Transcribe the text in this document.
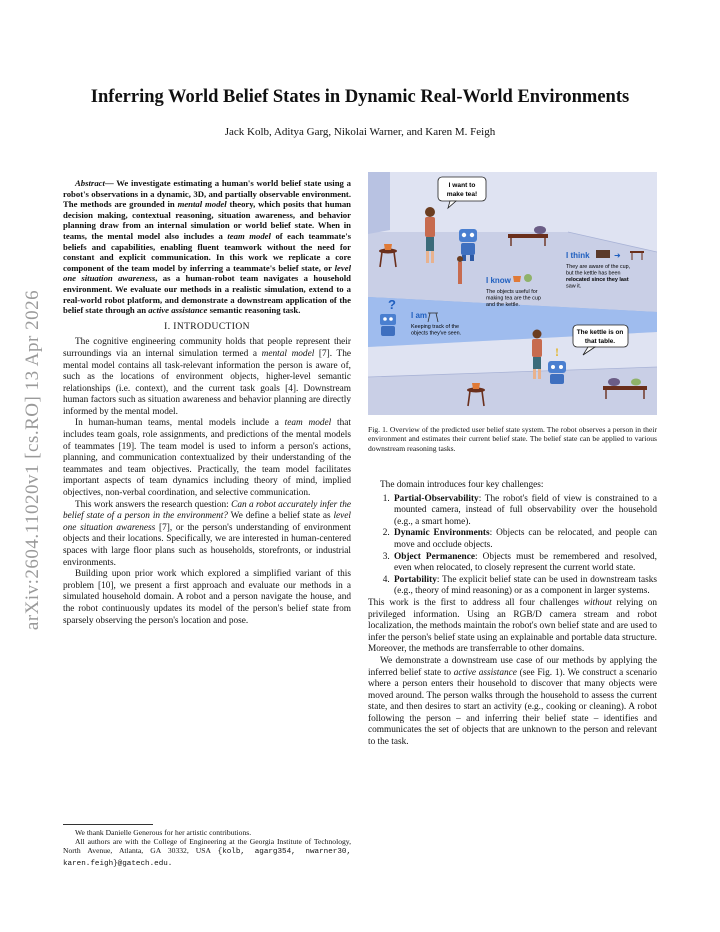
arXiv:2604.11020v1 [cs.RO] 13 Apr 2026
Inferring World Belief States in Dynamic Real-World Environments
Jack Kolb, Aditya Garg, Nikolai Warner, and Karen M. Feigh

Abstract— We investigate estimating a human's world belief state using a robot's observations in a dynamic, 3D, and partially observable environment. The methods are grounded in mental model theory, which posits that human decision making, contextual reasoning, situation awareness, and behavior planning draw from an internal simulation or world belief state. When in teams, the mental model also includes a team model of each teammate's beliefs and capabilities, enabling fluent teamwork without the need for constant and explicit communication. In this work we replicate a core component of the team model by inferring a teammate's belief state, or level one situation awareness, as a human-robot team navigates a household environment. We evaluate our methods in a realistic simulation, extend to a real-world robot platform, and demonstrate a downstream application of the belief state through an active assistance semantic reasoning task.

I. INTRODUCTION

The cognitive engineering community holds that people represent their surroundings via an internal simulation termed a mental model [7]. The mental model contains all task-relevant information the person is aware of, such as the locations of environment objects, higher-level semantic relationships (i.e. context), and the current task goals [4]. Downstream human factors such as situation awareness and behavior planning are directly informed by the mental model.

In human-human teams, mental models include a team model that includes team goals, role assignments, and predictions of the mental models of teammates [19]. The team model is used to inform a person's actions, planning, and communication contextualized by their understanding of the teammates and team objectives. Practically, the team model facilitates important aspects of team dynamics including theory of mind, implied objectives, non-verbal coordination, and selective communication.

This work answers the research question: Can a robot accurately infer the belief state of a person in the environment? We define a belief state as level one situation awareness [7], or the person's understanding of environment objects and their locations. Specifically, we are interested in human-centered spaces with large floor plans such as households, storefronts, or industrial environments.

Building upon prior work which explored a simplified variant of this problem [10], we present a first approach and evaluate our methods in a simulated household domain. A robot and a person navigate the house, and the robot continuously updates its model of the person's belief state from sparsely observing the person's location and pose.

We thank Danielle Generous for her artistic contributions.
All authors are with the College of Engineering at the Georgia Institute of Technology, North Avenue, Atlanta, GA 30332, USA {kolb, agarg354, nwarner30, karen.feigh}@gatech.edu.
I want to
make tea!
I think	➜
They are aware of the cup,
but the kettle has been
relocated since they last
saw it.
I know
The objects useful for
making tea are the cup
and the kettle.
?
I am
Keeping track of the
objects they've seen.	The kettle is on
that table.
!
Fig. 1. Overview of the predicted user belief state system. The robot observes a person in their environment and estimates their current belief state. The belief state can be applied to various downstream reasoning tasks.

The domain introduces four key challenges:

1. Partial-Observability: The robot's field of view is constrained to a mounted camera, instead of full observability over the household (e.g., a smart home).
2. Dynamic Environments: Objects can be relocated, and people can move and occlude objects.
3. Object Permanence: Objects must be remembered and resolved, even when relocated, to closely represent the current world state.
4. Portability: The explicit belief state can be used in downstream tasks (e.g., theory of mind reasoning) or as a component in larger systems.

This work is the first to address all four challenges without relying on privileged information. Using an RGB/D camera stream and robot localization, the methods maintain the robot's own belief state and are used to infer the person's belief state using an explainable and portable data structure. Moreover, the methods are transferrable to other domains.

We demonstrate a downstream use case of our methods by applying the inferred belief state to active assistance (see Fig. 1). We construct a scenario where a person enters their household to discover that many objects were moved around. The person walks through the household to assess the current state, and then desires to start an activity (e.g., cooking or cleaning). A robot following the person – and inferring their belief state – identifies and communicates the set of objects that are unknown to the person and relevant to the task.
